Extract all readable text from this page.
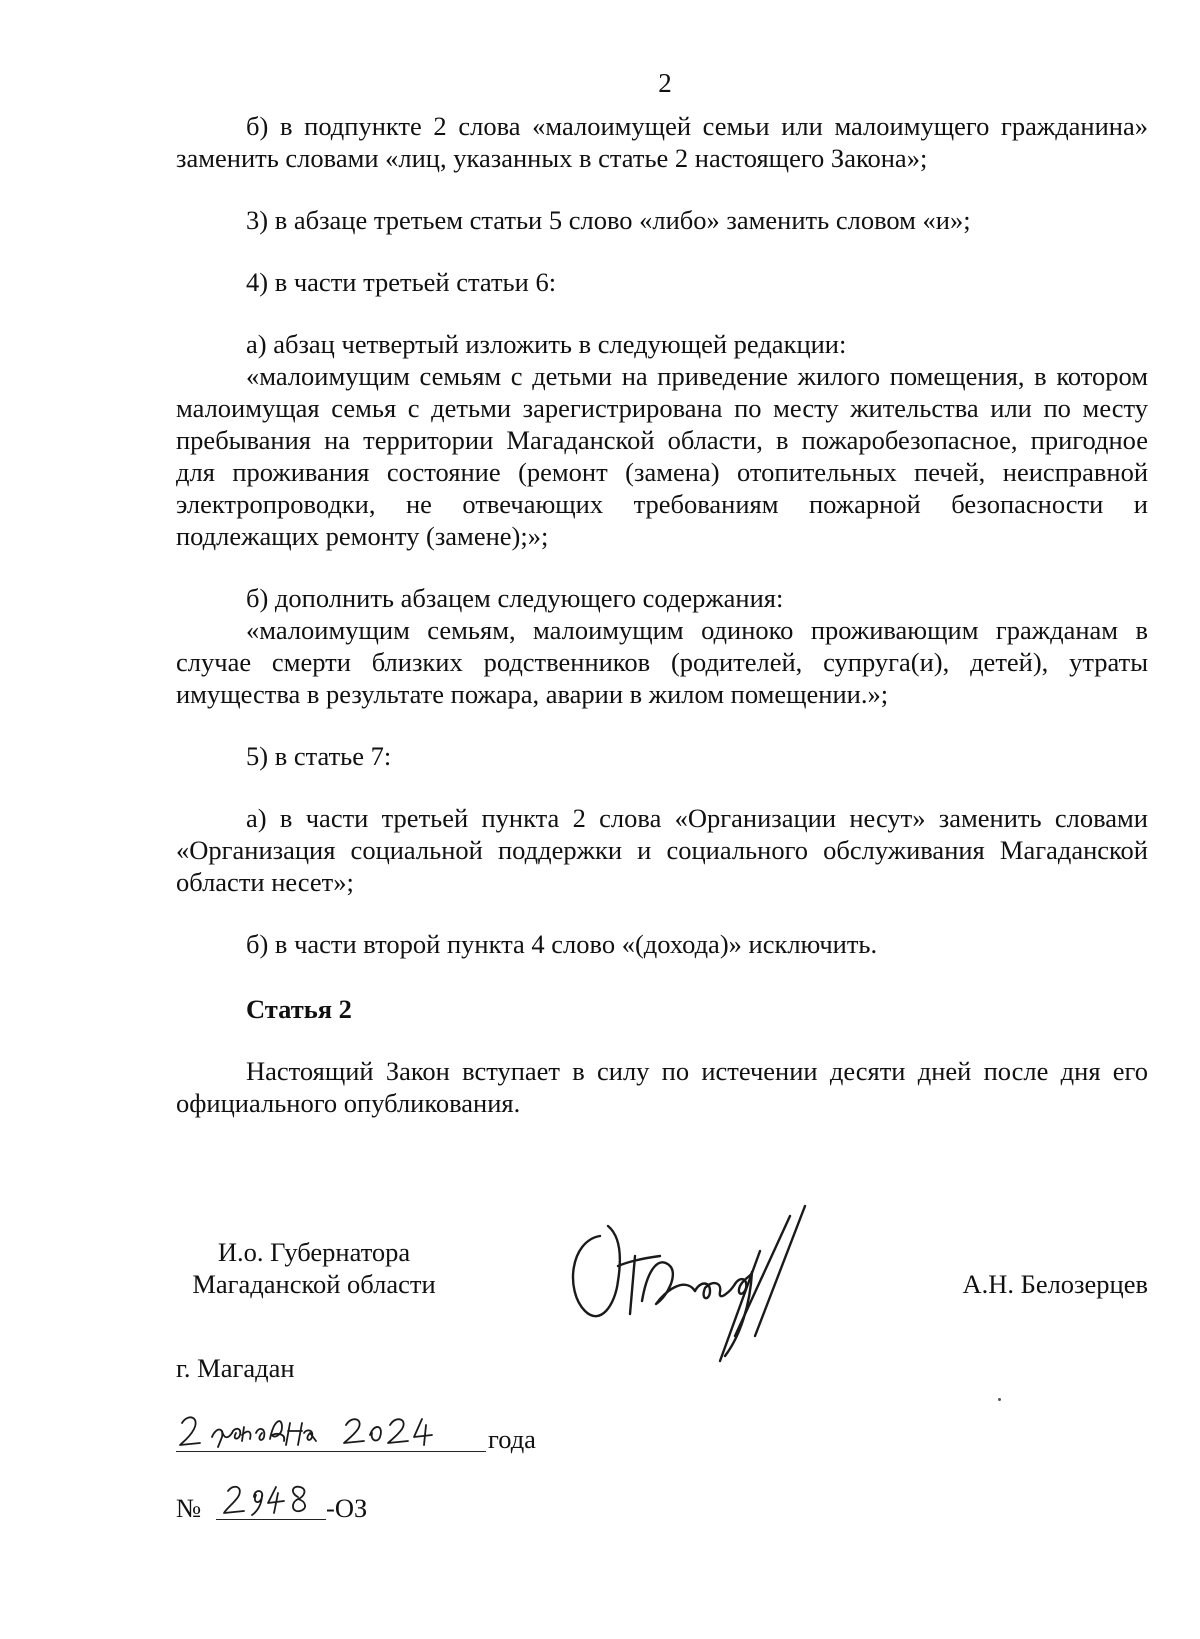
2

б) в подпункте 2 слова «малоимущей семьи или малоимущего гражданина» заменить словами «лиц, указанных в статье 2 настоящего Закона»;

3) в абзаце третьем статьи 5 слово «либо» заменить словом «и»;

4) в части третьей статьи 6:

а) абзац четвертый изложить в следующей редакции:

«малоимущим семьям с детьми на приведение жилого помещения, в котором малоимущая семья с детьми зарегистрирована по месту жительства или по месту пребывания на территории Магаданской области, в пожаробезопасное, пригодное для проживания состояние (ремонт (замена) отопительных печей, неисправной электропроводки, не отвечающих требованиям пожарной безопасности и подлежащих ремонту (замене);»;

б) дополнить абзацем следующего содержания:

«малоимущим семьям, малоимущим одиноко проживающим гражданам в случае смерти близких родственников (родителей, супруга(и), детей), утраты имущества в результате пожара, аварии в жилом помещении.»;

5) в статье 7:

а) в части третьей пункта 2 слова «Организации несут» заменить словами «Организация социальной поддержки и социального обслуживания Магаданской области несет»;

б) в части второй пункта 4 слово «(дохода)» исключить.

Статья 2

Настоящий Закон вступает в силу по истечении десяти дней после дня его официального опубликования.

И.о. Губернатора
Магаданской области	А.Н. Белозерцев
г. Магадан
года
№	-ОЗ
